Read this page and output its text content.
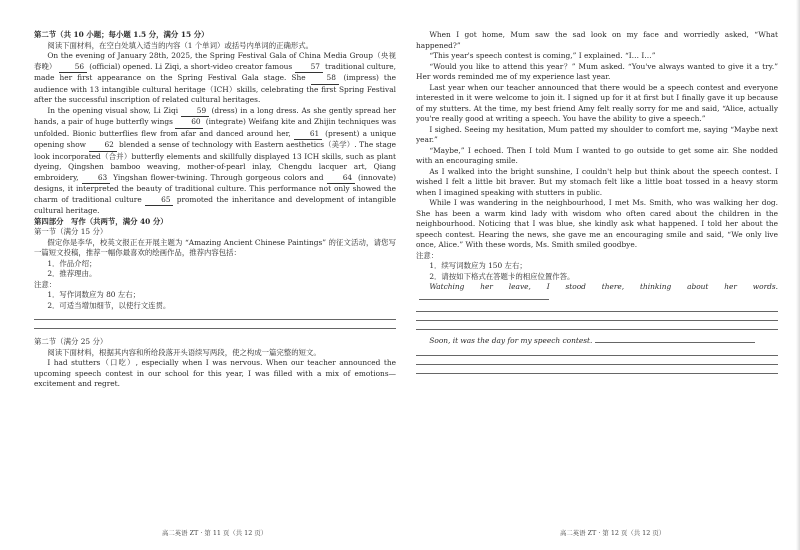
第二节（共 10 小题；每小题 1.5 分，满分 15 分）

阅读下面材料，在空白处填入适当的内容（1 个单词）或括号内单词的正确形式。

On the evening of January 28th, 2025, the Spring Festival Gala of China Media Group（央视春晚） 56 (official) opened. Li Ziqi, a short-video creator famous 57 traditional culture, made her first appearance on the Spring Festival Gala stage. She	58 (impress) the audience with 13 intangible cultural heritage（ICH）skills, celebrating the first Spring Festival after the successful inscription of related cultural heritages.

In the opening visual show, Li Ziqi	59 (dress) in a long dress. As she gently spread her hands, a pair of huge butterfly wings 60 (integrate) Weifang kite and Zhijin techniques was unfolded. Bionic butterflies flew from afar and danced around her,	61 (present) a unique opening show 62 blended a sense of technology with Eastern aesthetics（美学）. The stage look incorporated（合并）butterfly elements and skillfully displayed 13 ICH skills, such as plant dyeing, Qingshen bamboo weaving, mother-of-pearl inlay, Chengdu lacquer art, Qiang embroidery,	63 Yingshan flower-twining. Through gorgeous colors and	64 (innovate) designs, it interpreted the beauty of traditional culture. This performance not only showed the charm of traditional culture	65 promoted the inheritance and development of intangible cultural heritage.

第四部分　写作（共两节，满分 40 分）

第一节（满分 15 分）

假定你是李华，校英文报正在开展主题为 “Amazing Ancient Chinese Paintings” 的征文活动，请您写一篇短文投稿，推荐一幅你最喜欢的绘画作品，推荐内容包括：

1．作品介绍；

2．推荐理由。

注意：

1．写作词数应为 80 左右；

2．可适当增加细节，以使行文连贯。

第二节（满分 25 分）

阅读下面材料，根据其内容和所给段落开头语续写两段，使之构成一篇完整的短文。

I had stutters（口吃）, especially when I was nervous. When our teacher announced the upcoming speech contest in our school for this year, I was filled with a mix of emotions—excitement and regret.

高二英语 ZT · 第 11 页（共 12 页）

When I got home, Mum saw the sad look on my face and worriedly asked, “What happened?”

“This year's speech contest is coming,” I explained. “I… I…”

“Would you like to attend this year？” Mum asked. “You've always wanted to give it a try.” Her words reminded me of my experience last year.

Last year when our teacher announced that there would be a speech contest and everyone interested in it were welcome to join it. I signed up for it at first but I finally gave it up because of my stutters. At the time, my best friend Amy felt really sorry for me and said, “Alice, actually you're really good at writing a speech. You have the ability to give a speech.”

I sighed. Seeing my hesitation, Mum patted my shoulder to comfort me, saying “Maybe next year.”

“Maybe,” I echoed. Then I told Mum I wanted to go outside to get some air. She nodded with an encouraging smile.

As I walked into the bright sunshine, I couldn't help but think about the speech contest. I wished I felt a little bit braver. But my stomach felt like a little boat tossed in a heavy storm when I imagined speaking with stutters in public.

While I was wandering in the neighbourhood, I met Ms. Smith, who was walking her dog. She has been a warm kind lady with wisdom who often cared about the children in the neighbourhood. Noticing that I was blue, she kindly ask what happened. I told her about the speech contest. Hearing the news, she gave me an encouraging smile and said, “We only live once, Alice.” With these words, Ms. Smith smiled goodbye.

注意：

1．续写词数应为 150 左右；

2．请按如下格式在答题卡的相应位置作答。

Watching her leave, I stood there, thinking about her words.

Soon, it was the day for my speech contest.

高二英语 ZT · 第 12 页（共 12 页）
